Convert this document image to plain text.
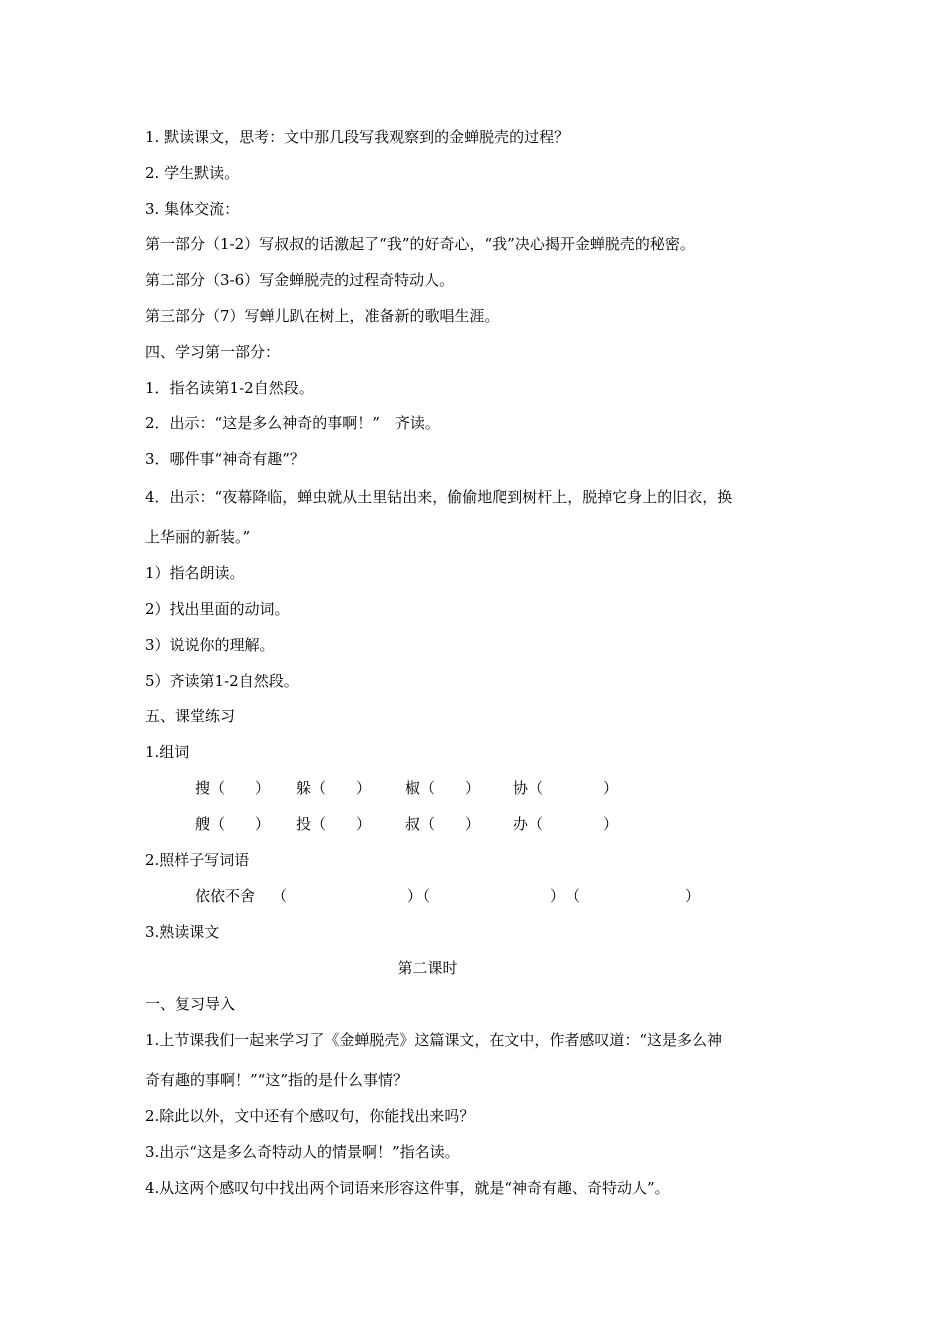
1. 默读课文，思考：文中那几段写我观察到的金蝉脱壳的过程？
2. 学生默读。
3. 集体交流：
第一部分（1-2）写叔叔的话激起了“我”的好奇心，“我”决心揭开金蝉脱壳的秘密。
第二部分（3-6）写金蝉脱壳的过程奇特动人。
第三部分（7）写蝉儿趴在树上，准备新的歌唱生涯。
四、学习第一部分：
1．指名读第1-2自然段。
2．出示：“这是多么神奇的事啊！”　齐读。
3．哪件事“神奇有趣”？
4．出示：“夜幕降临，蝉虫就从土里钻出来，偷偷地爬到树杆上，脱掉它身上的旧衣，换
上华丽的新装。”
1）指名朗读。
2）找出里面的动词。
3）说说你的理解。
5）齐读第1-2自然段。
五、课堂练习
1.组词
搜（　　） 躲（　　） 椒（　　） 协（　　　　）
艘（　　） 投（　　） 叔（　　） 办（　　　　）
2.照样子写词语
依依不舍 （　　　　　　　　）
（　　　　　　　　） （　　　　　　　）
3.熟读课文
第二课时
一、复习导入
1.上节课我们一起来学习了《金蝉脱壳》这篇课文，在文中，作者感叹道：“这是多么神
奇有趣的事啊！”“这”指的是什么事情？
2.除此以外，文中还有个感叹句，你能找出来吗？
3.出示“这是多么奇特动人的情景啊！”指名读。
4.从这两个感叹句中找出两个词语来形容这件事，就是“神奇有趣、奇特动人”。
